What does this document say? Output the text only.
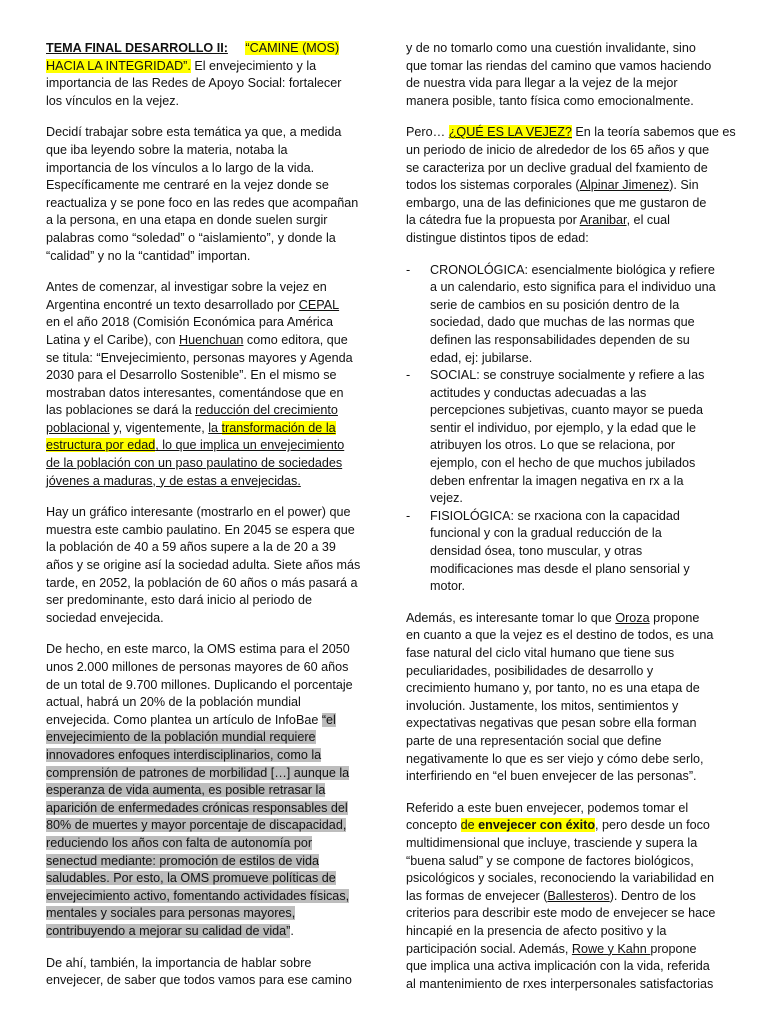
TEMA FINAL DESARROLLO II: “CAMINE (MOS)
HACIA LA INTEGRIDAD”. El envejecimiento y la
importancia de las Redes de Apoyo Social: fortalecer
los vínculos en la vejez.

Decidí trabajar sobre esta temática ya que, a medida
que iba leyendo sobre la materia, notaba la
importancia de los vínculos a lo largo de la vida.
Específicamente me centraré en la vejez donde se
reactualiza y se pone foco en las redes que acompañan
a la persona, en una etapa en donde suelen surgir
palabras como “soledad” o “aislamiento”, y donde la
“calidad” y no la “cantidad” importan.

Antes de comenzar, al investigar sobre la vejez en
Argentina encontré un texto desarrollado por CEPAL
en el año 2018 (Comisión Económica para América
Latina y el Caribe), con Huenchuan como editora, que
se titula: “Envejecimiento, personas mayores y Agenda
2030 para el Desarrollo Sostenible”. En el mismo se
mostraban datos interesantes, comentándose que en
las poblaciones se dará la reducción del crecimiento
poblacional y, vigentemente, la transformación de la
estructura por edad, lo que implica un envejecimiento
de la población con un paso paulatino de sociedades
jóvenes a maduras, y de estas a envejecidas.

Hay un gráfico interesante (mostrarlo en el power) que
muestra este cambio paulatino. En 2045 se espera que
la población de 40 a 59 años supere a la de 20 a 39
años y se origine así la sociedad adulta. Siete años más
tarde, en 2052, la población de 60 años o más pasará a
ser predominante, esto dará inicio al periodo de
sociedad envejecida.

De hecho, en este marco, la OMS estima para el 2050
unos 2.000 millones de personas mayores de 60 años
de un total de 9.700 millones. Duplicando el porcentaje
actual, habrá un 20% de la población mundial
envejecida. Como plantea un artículo de InfoBae “el
envejecimiento de la población mundial requiere
innovadores enfoques interdisciplinarios, como la
comprensión de patrones de morbilidad […] aunque la
esperanza de vida aumenta, es posible retrasar la
aparición de enfermedades crónicas responsables del
80% de muertes y mayor porcentaje de discapacidad,
reduciendo los años con falta de autonomía por
senectud mediante: promoción de estilos de vida
saludables. Por esto, la OMS promueve políticas de
envejecimiento activo, fomentando actividades físicas,
mentales y sociales para personas mayores,
contribuyendo a mejorar su calidad de vida”.

De ahí, también, la importancia de hablar sobre
envejecer, de saber que todos vamos para ese camino

y de no tomarlo como una cuestión invalidante, sino
que tomar las riendas del camino que vamos haciendo
de nuestra vida para llegar a la vejez de la mejor
manera posible, tanto física como emocionalmente.

Pero… ¿QUÉ ES LA VEJEZ? En la teoría sabemos que es
un periodo de inicio de alrededor de los 65 años y que
se caracteriza por un declive gradual del fxamiento de
todos los sistemas corporales (Alpinar Jimenez). Sin
embargo, una de las definiciones que me gustaron de
la cátedra fue la propuesta por Aranibar, el cual
distingue distintos tipos de edad:

- CRONOLÓGICA: esencialmente biológica y refiere
a un calendario, esto significa para el individuo una
serie de cambios en su posición dentro de la
sociedad, dado que muchas de las normas que
definen las responsabilidades dependen de su
edad, ej: jubilarse.
- SOCIAL: se construye socialmente y refiere a las
actitudes y conductas adecuadas a las
percepciones subjetivas, cuanto mayor se pueda
sentir el individuo, por ejemplo, y la edad que le
atribuyen los otros. Lo que se relaciona, por
ejemplo, con el hecho de que muchos jubilados
deben enfrentar la imagen negativa en rx a la
vejez.
- FISIOLÓGICA: se rxaciona con la capacidad
funcional y con la gradual reducción de la
densidad ósea, tono muscular, y otras
modificaciones mas desde el plano sensorial y
motor.

Además, es interesante tomar lo que Oroza propone
en cuanto a que la vejez es el destino de todos, es una
fase natural del ciclo vital humano que tiene sus
peculiaridades, posibilidades de desarrollo y
crecimiento humano y, por tanto, no es una etapa de
involución. Justamente, los mitos, sentimientos y
expectativas negativas que pesan sobre ella forman
parte de una representación social que define
negativamente lo que es ser viejo y cómo debe serlo,
interfiriendo en “el buen envejecer de las personas”.

Referido a este buen envejecer, podemos tomar el
concepto de envejecer con éxito, pero desde un foco
multidimensional que incluye, trasciende y supera la
“buena salud” y se compone de factores biológicos,
psicológicos y sociales, reconociendo la variabilidad en
las formas de envejecer (Ballesteros). Dentro de los
criterios para describir este modo de envejecer se hace
hincapié en la presencia de afecto positivo y la
participación social. Además, Rowe y Kahn propone
que implica una activa implicación con la vida, referida
al mantenimiento de rxes interpersonales satisfactorias
